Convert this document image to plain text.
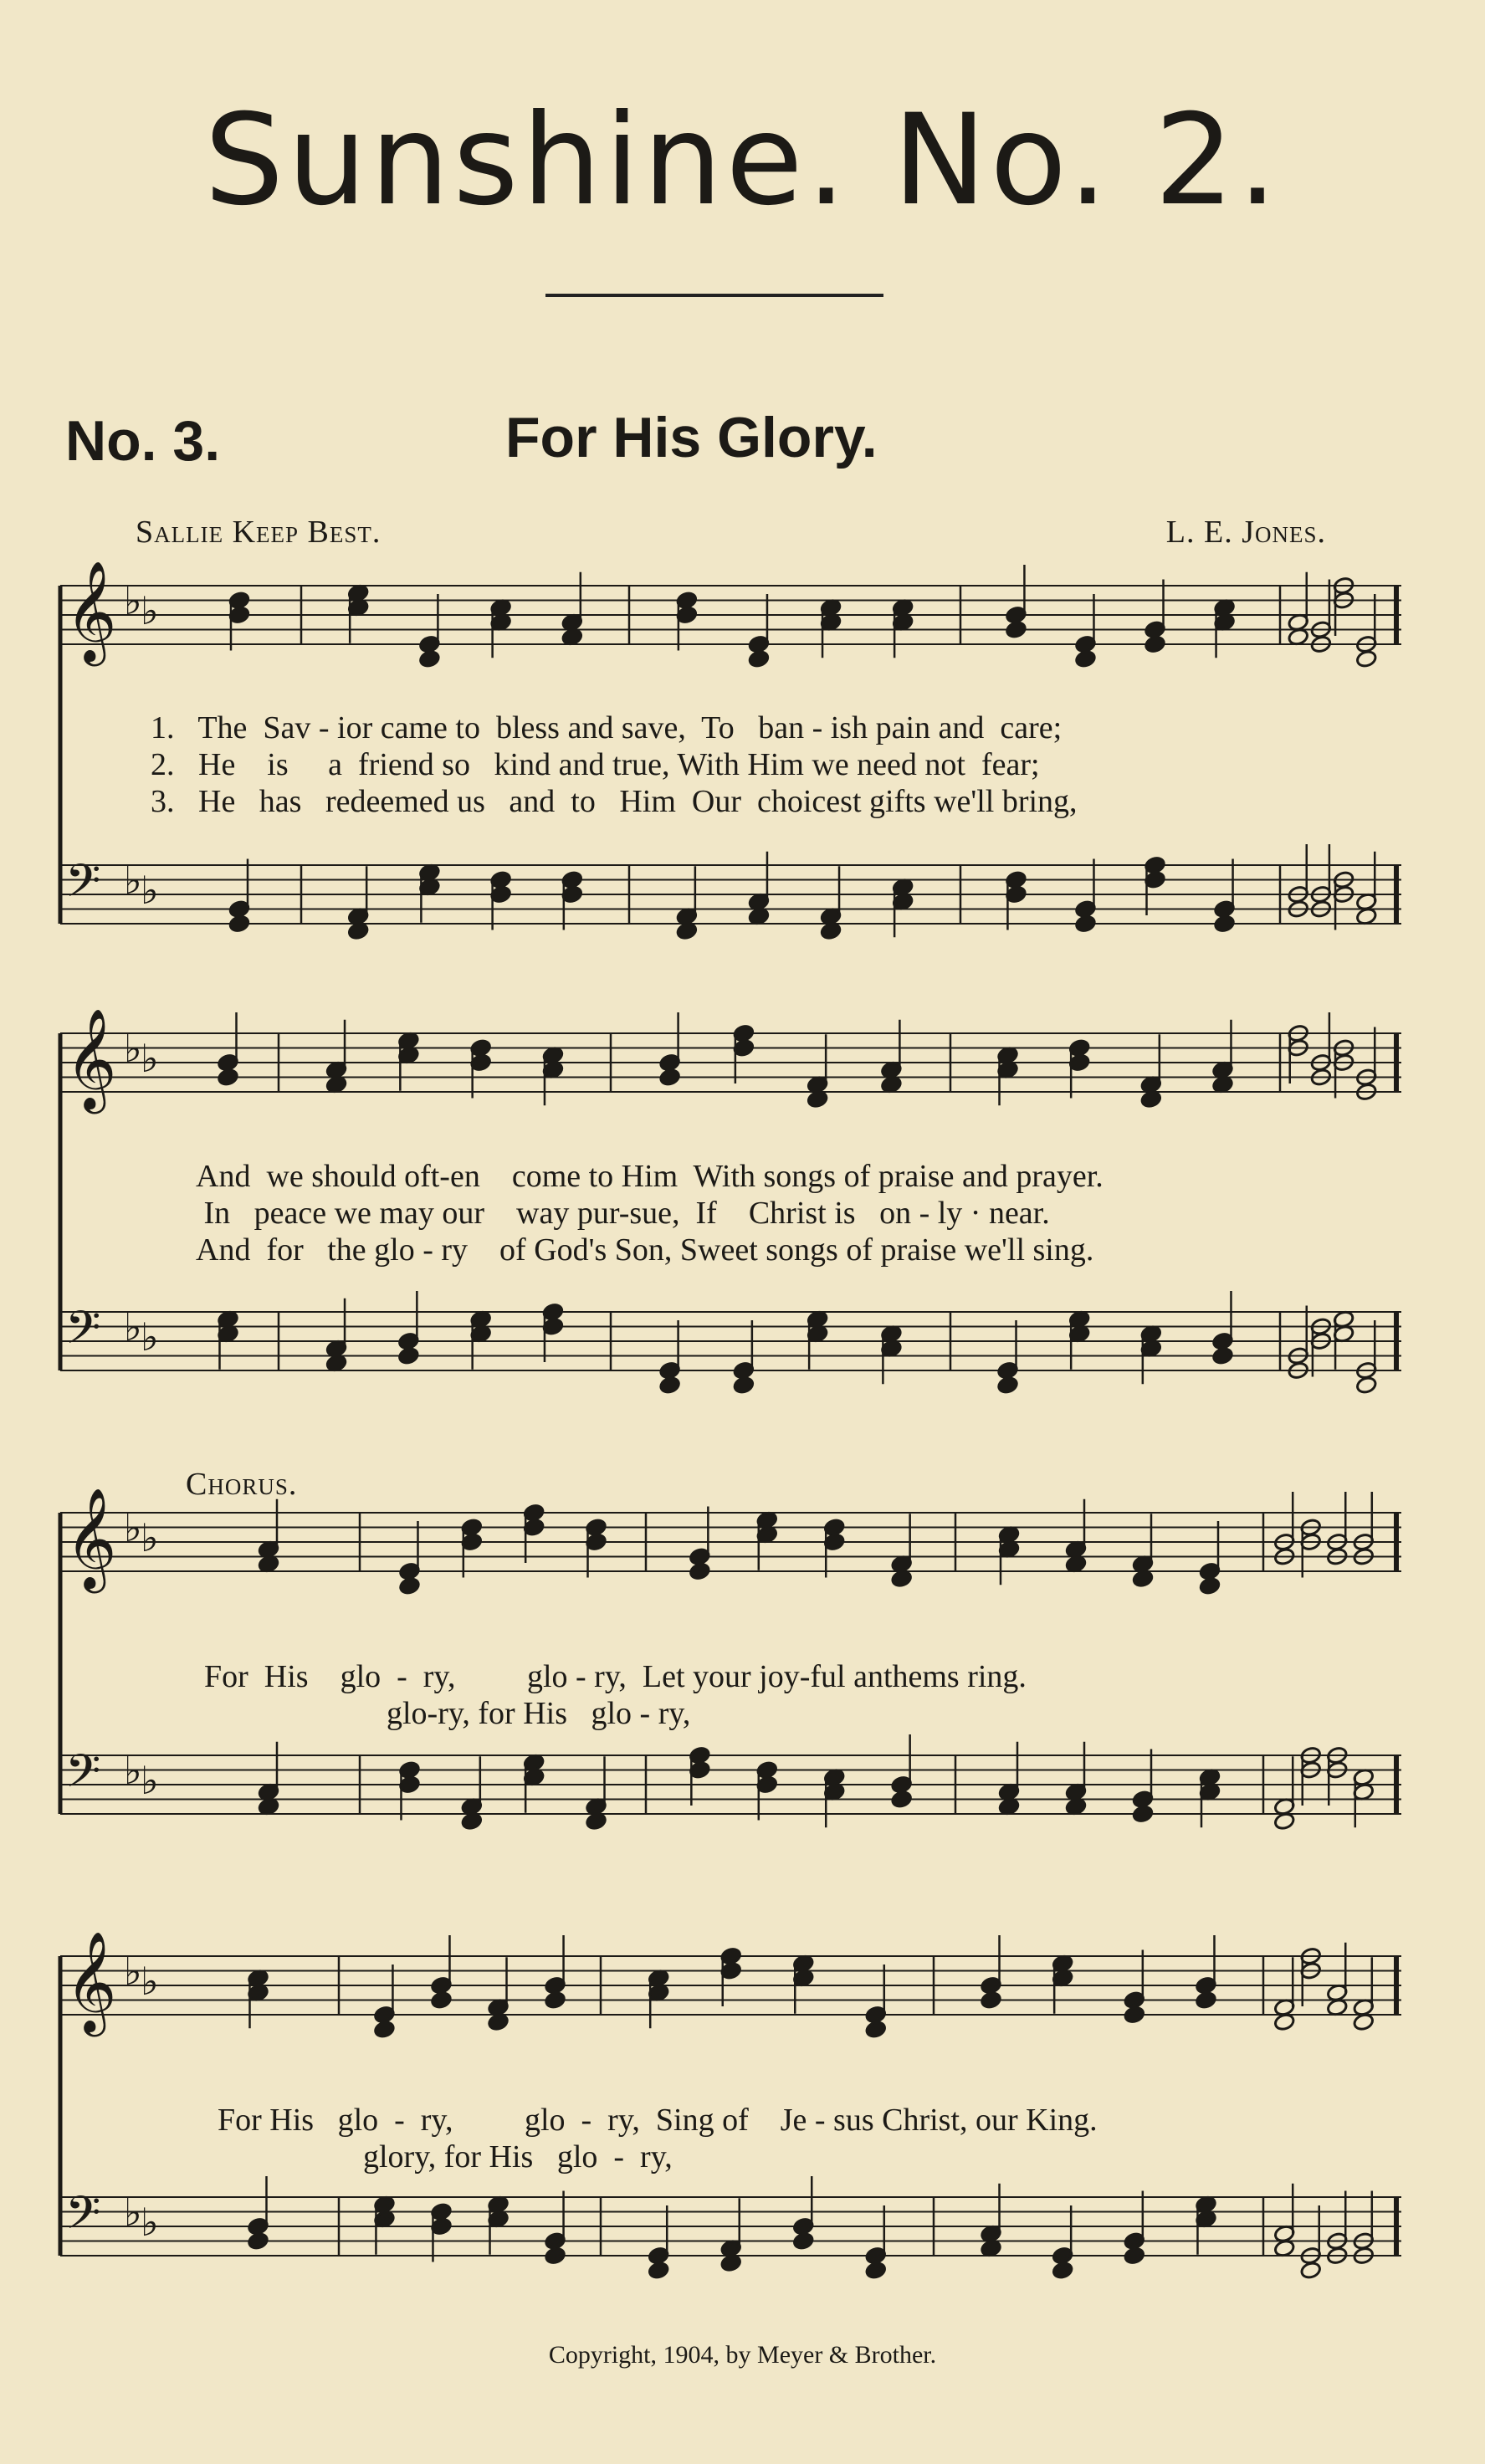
Sunshine. No. 2.
No. 3.	For His Glory.
Sallie Keep Best.	L. E. Jones.
𝄞 ♭
♭
𝄢 ♭
♭
𝄞 ♭
♭
𝄢 ♭
♭
𝄞 ♭
♭
𝄢 ♭
♭
𝄞 ♭
♭
𝄢 ♭
♭
1.   The  Sav - ior came to  bless and save,  To   ban - ish pain and  care;
2.   He    is     a  friend so   kind and true, With Him we need not  fear;
3.   He   has   redeemed us   and  to   Him  Our  choicest gifts we'll bring,
And  we should oft-en    come to Him  With songs of praise and prayer.
In   peace we may our    way pur-sue,  If    Christ is   on - ly · near.
And  for   the glo - ry    of God's Son, Sweet songs of praise we'll sing.
Chorus.
For  His    glo  -  ry,         glo - ry,  Let your joy-ful anthems ring.
glo-ry, for His   glo - ry,
For His   glo  -  ry,         glo  -  ry,  Sing of    Je - sus Christ, our King.
glory, for His   glo  -  ry,
Copyright, 1904, by Meyer & Brother.
